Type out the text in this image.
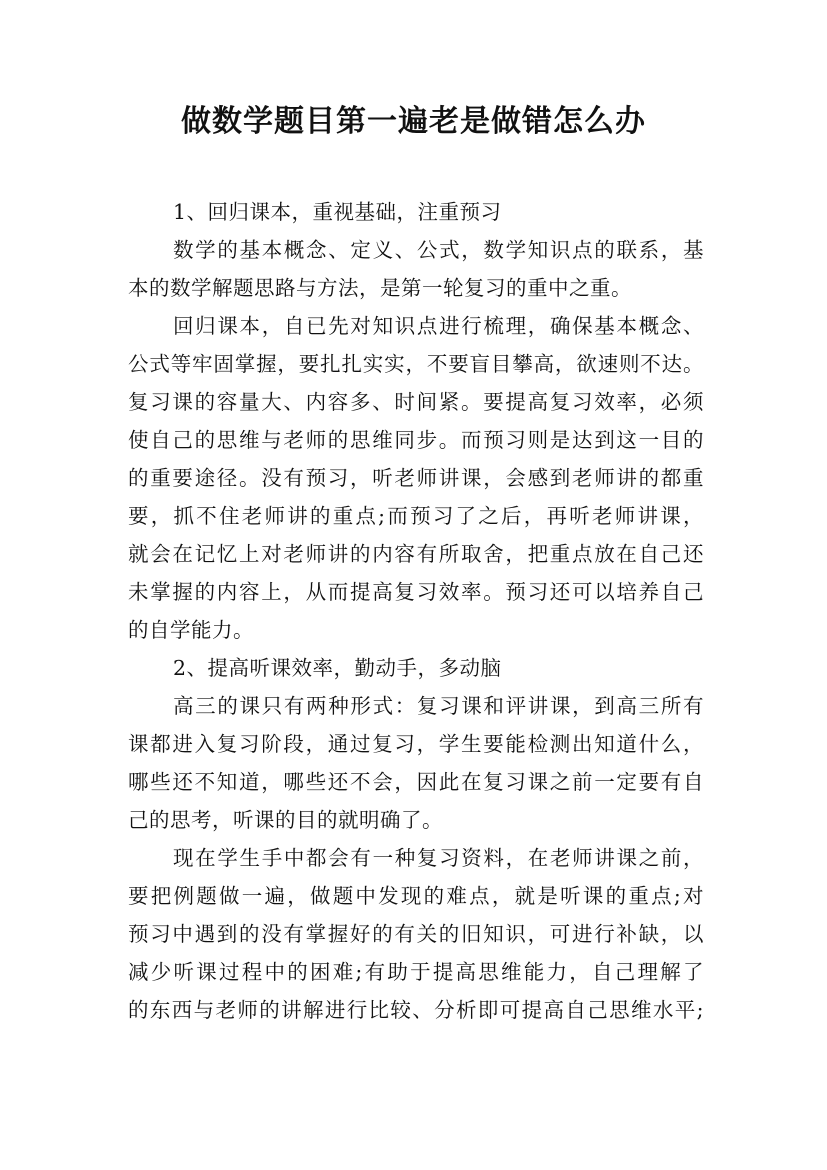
做数学题目第一遍老是做错怎么办
1、回归课本，重视基础，注重预习
数学的基本概念、定义、公式，数学知识点的联系，基
本的数学解题思路与方法，是第一轮复习的重中之重。
回归课本，自已先对知识点进行梳理，确保基本概念、
公式等牢固掌握，要扎扎实实，不要盲目攀高，欲速则不达。
复习课的容量大、内容多、时间紧。要提高复习效率，必须
使自己的思维与老师的思维同步。而预习则是达到这一目的
的重要途径。没有预习，听老师讲课，会感到老师讲的都重
要，抓不住老师讲的重点;而预习了之后，再听老师讲课，
就会在记忆上对老师讲的内容有所取舍，把重点放在自己还
未掌握的内容上，从而提高复习效率。预习还可以培养自己
的自学能力。
2、提高听课效率，勤动手，多动脑
高三的课只有两种形式：复习课和评讲课，到高三所有
课都进入复习阶段，通过复习，学生要能检测出知道什么，
哪些还不知道，哪些还不会，因此在复习课之前一定要有自
己的思考，听课的目的就明确了。
现在学生手中都会有一种复习资料，在老师讲课之前，
要把例题做一遍，做题中发现的难点，就是听课的重点;对
预习中遇到的没有掌握好的有关的旧知识，可进行补缺，以
减少听课过程中的困难;有助于提高思维能力，自己理解了
的东西与老师的讲解进行比较、分析即可提高自己思维水平;
